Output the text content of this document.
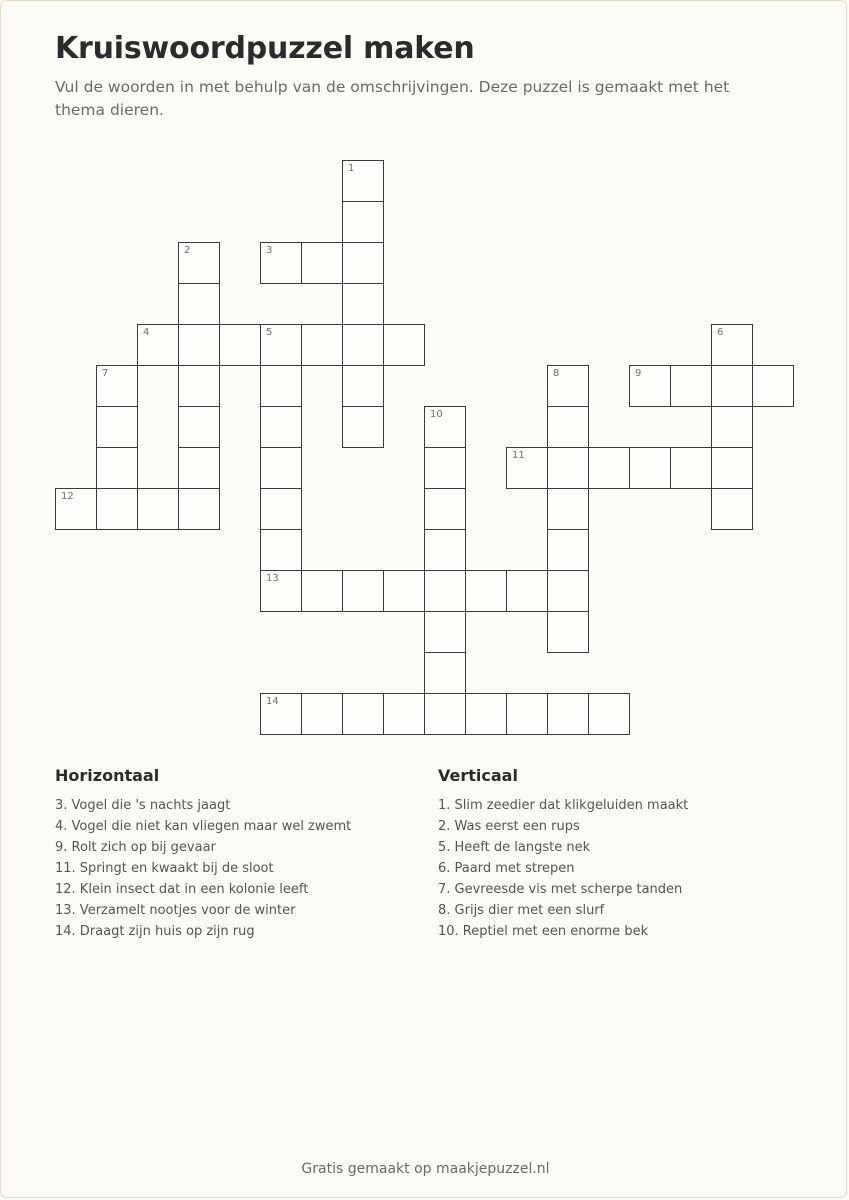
Kruiswoordpuzzel maken

Vul de woorden in met behulp van de omschrijvingen. Deze puzzel is gemaakt met het thema dieren.

1
2	3
4	5
13
6
7	8	9
10
11
12
14
Horizontaal
3. Vogel die 's nachts jaagt
4. Vogel die niet kan vliegen maar wel zwemt
9. Rolt zich op bij gevaar
11. Springt en kwaakt bij de sloot
12. Klein insect dat in een kolonie leeft
13. Verzamelt nootjes voor de winter
14. Draagt zijn huis op zijn rug
Verticaal
1. Slim zeedier dat klikgeluiden maakt
2. Was eerst een rups
5. Heeft de langste nek
6. Paard met strepen
7. Gevreesde vis met scherpe tanden
8. Grijs dier met een slurf
10. Reptiel met een enorme bek
Gratis gemaakt op maakjepuzzel.nl
